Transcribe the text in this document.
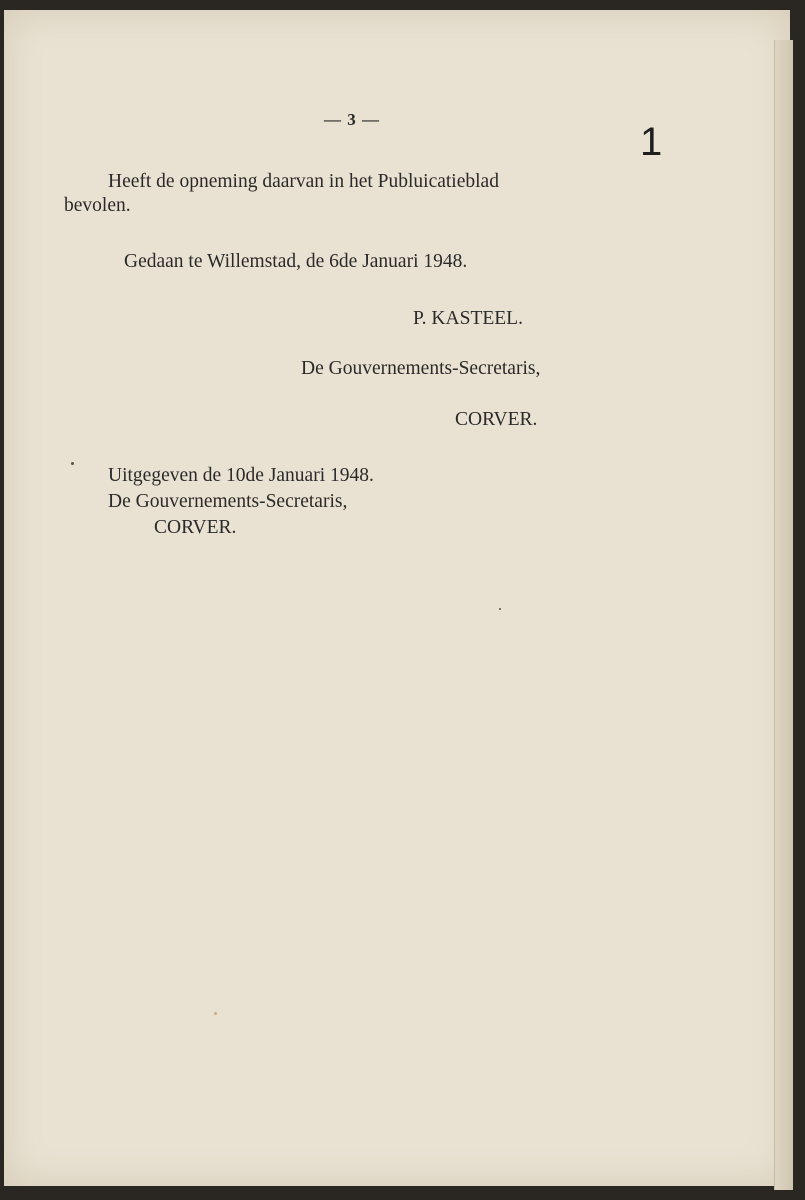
— 3 —
1
Heeft de opneming daarvan in het Publuicatieblad
bevolen.
Gedaan te Willemstad, de 6de Januari 1948.
P. KASTEEL.
De Gouvernements-Secretaris,
CORVER.
Uitgegeven de 10de Januari 1948.
De Gouvernements-Secretaris,
CORVER.
